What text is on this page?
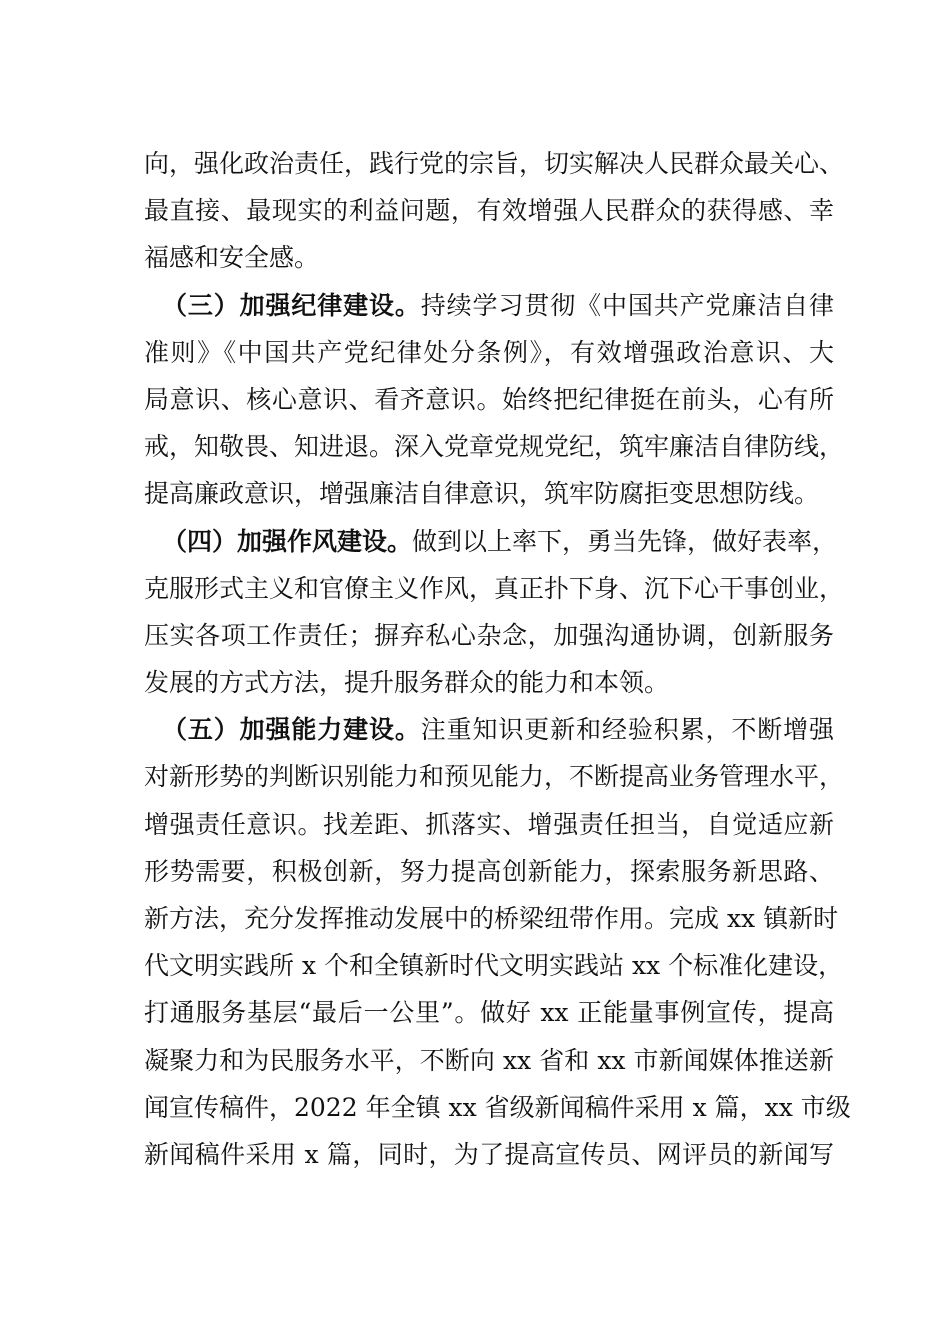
向，强化政治责任，践行党的宗旨，切实解决人民群众最关心、
最直接、最现实的利益问题，有效增强人民群众的获得感、幸
福感和安全感。
（三）加强纪律建设。持续学习贯彻《中国共产党廉洁自律
准则》《中国共产党纪律处分条例》，有效增强政治意识、大
局意识、核心意识、看齐意识。始终把纪律挺在前头，心有所
戒，知敬畏、知进退。深入党章党规党纪，筑牢廉洁自律防线，
提高廉政意识，增强廉洁自律意识，筑牢防腐拒变思想防线。
（四）加强作风建设。做到以上率下，勇当先锋，做好表率，
克服形式主义和官僚主义作风，真正扑下身、沉下心干事创业，
压实各项工作责任；摒弃私心杂念，加强沟通协调，创新服务
发展的方式方法，提升服务群众的能力和本领。
（五）加强能力建设。注重知识更新和经验积累，不断增强
对新形势的判断识别能力和预见能力，不断提高业务管理水平，
增强责任意识。找差距、抓落实、增强责任担当，自觉适应新
形势需要，积极创新，努力提高创新能力，探索服务新思路、
新方法，充分发挥推动发展中的桥梁纽带作用。完成 xx 镇新时
代文明实践所 x 个和全镇新时代文明实践站 xx 个标准化建设，
打通服务基层“最后一公里”。做好 xx 正能量事例宣传，提高
凝聚力和为民服务水平，不断向 xx 省和 xx 市新闻媒体推送新
闻宣传稿件，2022 年全镇 xx 省级新闻稿件采用 x 篇，xx 市级
新闻稿件采用 x 篇，同时，为了提高宣传员、网评员的新闻写
